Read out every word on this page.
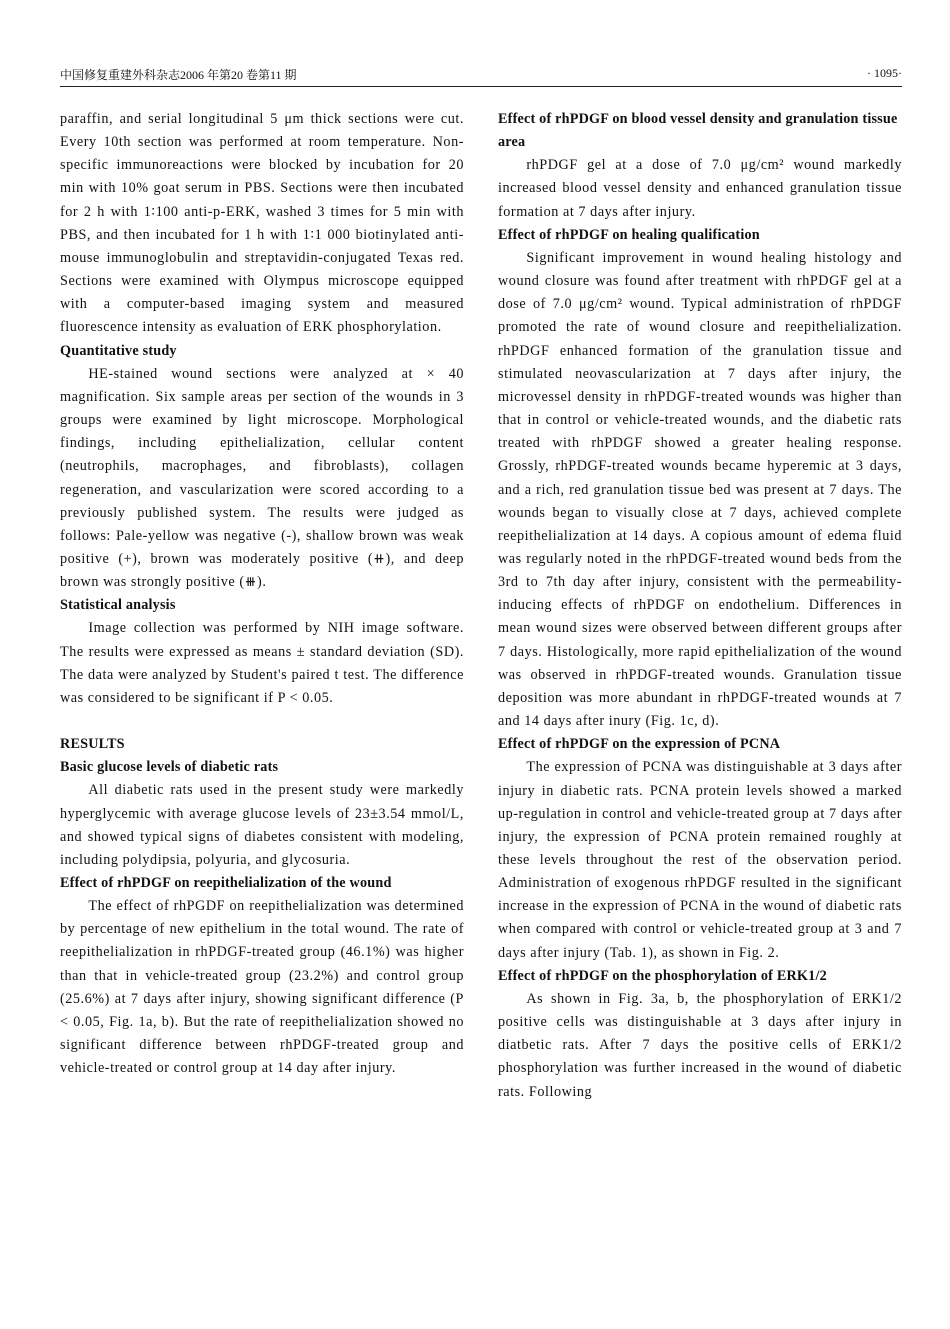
中国修复重建外科杂志2006 年第20 卷第11 期	· 1095·

paraffin, and serial longitudinal 5 μm thick sections were cut. Every 10th section was performed at room temperature. Non-specific immunoreactions were blocked by incubation for 20 min with 10% goat serum in PBS. Sections were then incubated for 2 h with 1∶100 anti-p-ERK, washed 3 times for 5 min with PBS, and then incubated for 1 h with 1∶1 000 biotinylated anti-mouse immunoglobulin and streptavidin-conjugated Texas red. Sections were examined with Olympus microscope equipped with a computer-based imaging system and measured fluorescence intensity as evaluation of ERK phosphorylation.

Quantitative study

HE-stained wound sections were analyzed at × 40 magnification. Six sample areas per section of the wounds in 3 groups were examined by light microscope. Morphological findings, including epithelialization, cellular content (neutrophils, macrophages, and fibroblasts), collagen regeneration, and vascularization were scored according to a previously published system. The results were judged as follows: Pale-yellow was negative (-), shallow brown was weak positive (+), brown was moderately positive (⧺), and deep brown was strongly positive (⧻).

Statistical analysis

Image collection was performed by NIH image software. The results were expressed as means ± standard deviation (SD). The data were analyzed by Student's paired t test. The difference was considered to be significant if P < 0.05.

RESULTS
Basic glucose levels of diabetic rats

All diabetic rats used in the present study were markedly hyperglycemic with average glucose levels of 23±3.54 mmol/L, and showed typical signs of diabetes consistent with modeling, including polydipsia, polyuria, and glycosuria.

Effect of rhPDGF on reepithelialization of the wound

The effect of rhPGDF on reepithelialization was determined by percentage of new epithelium in the total wound. The rate of reepithelialization in rhPDGF-treated group (46.1%) was higher than that in vehicle-treated group (23.2%) and control group (25.6%) at 7 days after injury, showing significant difference (P < 0.05, Fig. 1a, b). But the rate of reepithelialization showed no significant difference between rhPDGF-treated group and vehicle-treated or control group at 14 day after injury.

Effect of rhPDGF on blood vessel density and granulation tissue area

rhPDGF gel at a dose of 7.0 μg/cm² wound markedly increased blood vessel density and enhanced granulation tissue formation at 7 days after injury.

Effect of rhPDGF on healing qualification

Significant improvement in wound healing histology and wound closure was found after treatment with rhPDGF gel at a dose of 7.0 μg/cm² wound. Typical administration of rhPDGF promoted the rate of wound closure and reepithelialization. rhPDGF enhanced formation of the granulation tissue and stimulated neovascularization at 7 days after injury, the microvessel density in rhPDGF-treated wounds was higher than that in control or vehicle-treated wounds, and the diabetic rats treated with rhPDGF showed a greater healing response. Grossly, rhPDGF-treated wounds became hyperemic at 3 days, and a rich, red granulation tissue bed was present at 7 days. The wounds began to visually close at 7 days, achieved complete reepithelialization at 14 days. A copious amount of edema fluid was regularly noted in the rhPDGF-treated wound beds from the 3rd to 7th day after injury, consistent with the permeability-inducing effects of rhPDGF on endothelium. Differences in mean wound sizes were observed between different groups after 7 days. Histologically, more rapid epithelialization of the wound was observed in rhPDGF-treated wounds. Granulation tissue deposition was more abundant in rhPDGF-treated wounds at 7 and 14 days after inury (Fig. 1c, d).

Effect of rhPDGF on the expression of PCNA

The expression of PCNA was distinguishable at 3 days after injury in diabetic rats. PCNA protein levels showed a marked up-regulation in control and vehicle-treated group at 7 days after injury, the expression of PCNA protein remained roughly at these levels throughout the rest of the observation period. Administration of exogenous rhPDGF resulted in the significant increase in the expression of PCNA in the wound of diabetic rats when compared with control or vehicle-treated group at 3 and 7 days after injury (Tab. 1), as shown in Fig. 2.

Effect of rhPDGF on the phosphorylation of ERK1/2

As shown in Fig. 3a, b, the phosphorylation of ERK1/2 positive cells was distinguishable at 3 days after injury in diatbetic rats. After 7 days the positive cells of ERK1/2 phosphorylation was further increased in the wound of diabetic rats. Following
